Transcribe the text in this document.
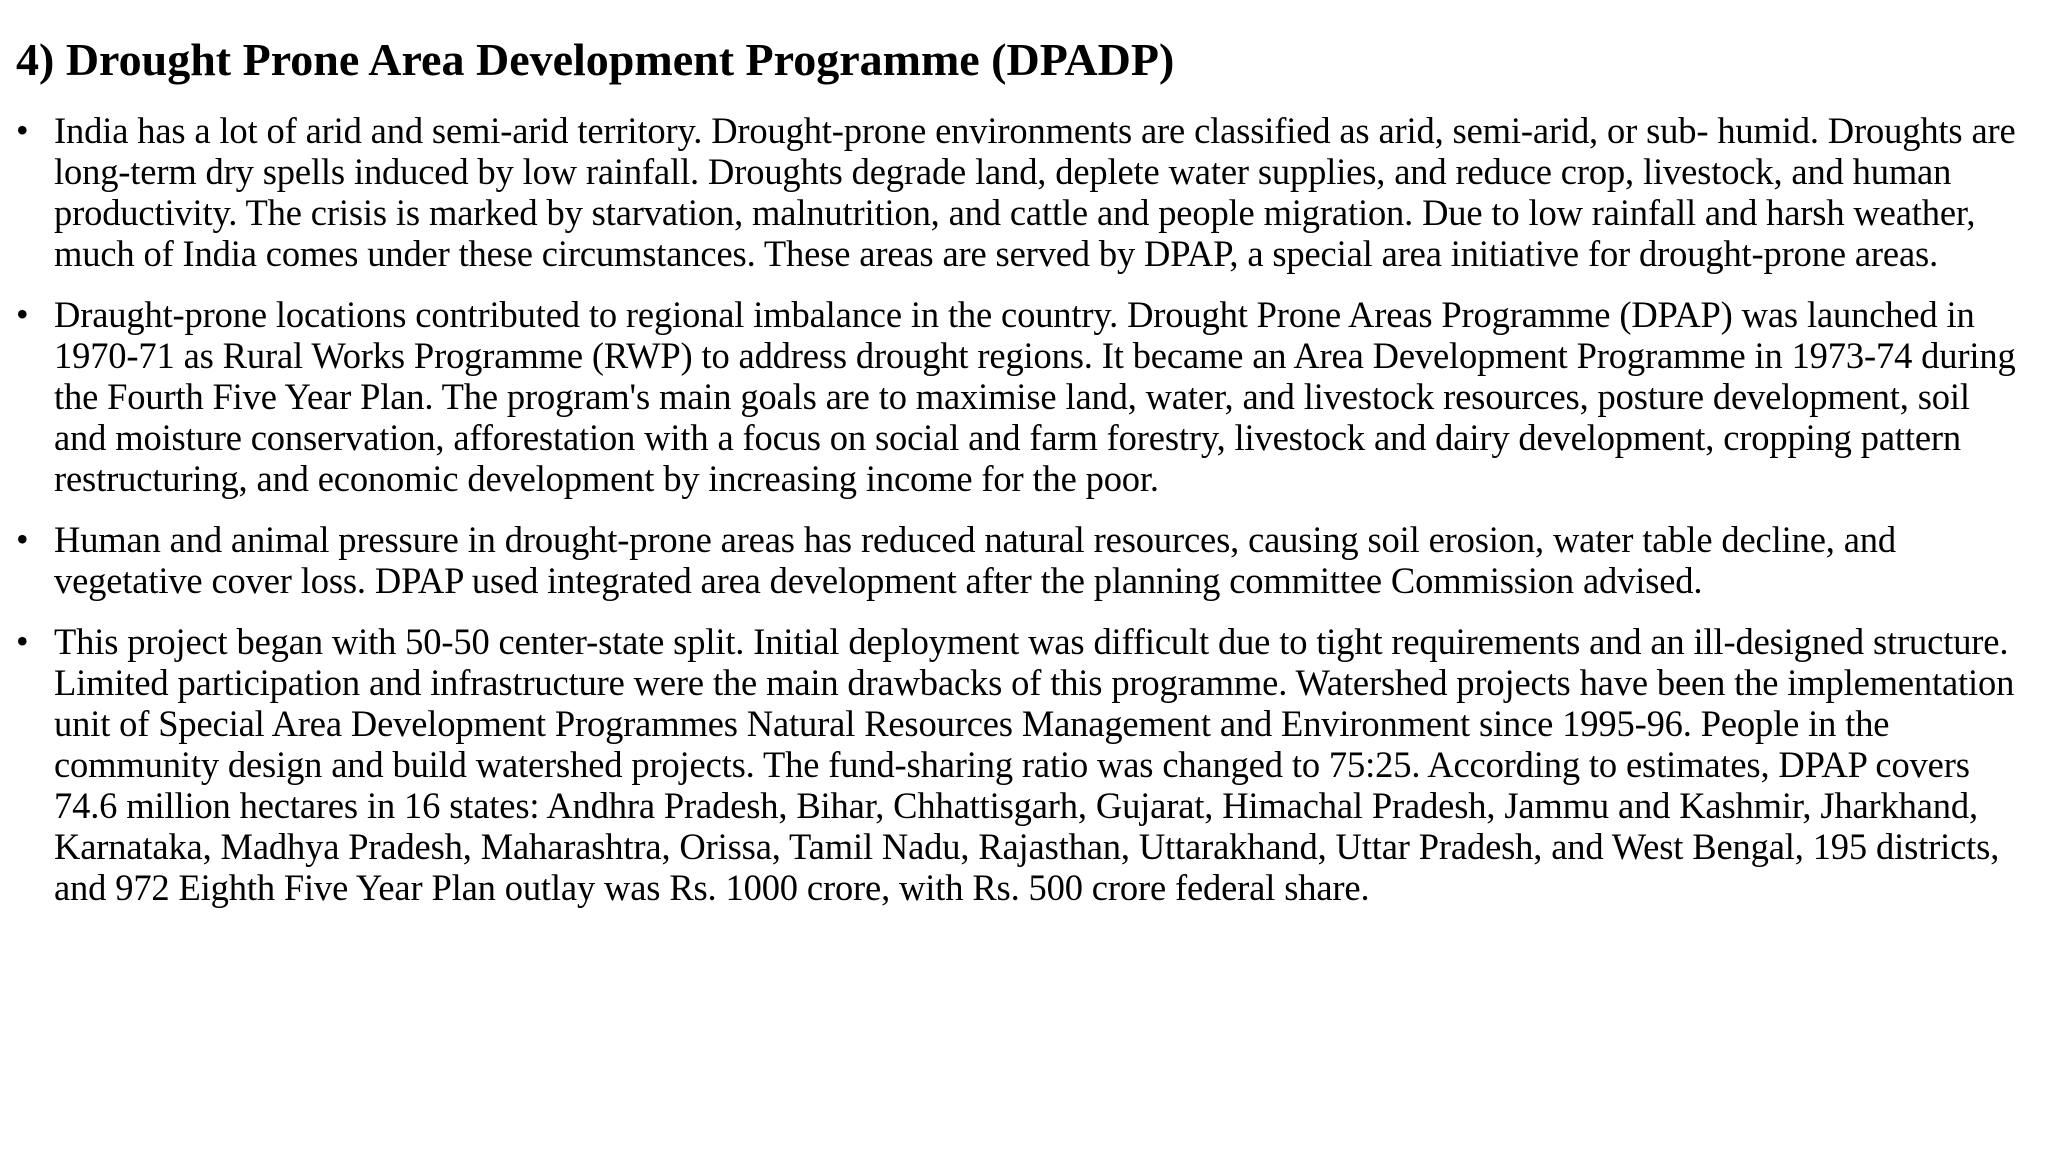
4) Drought Prone Area Development Programme (DPADP)
• India has a lot of arid and semi-arid territory. Drought-prone environments are classified as arid, semi-arid, or sub- humid. Droughts are long-term dry spells induced by low rainfall. Droughts degrade land, deplete water supplies, and reduce crop, livestock, and human productivity. The crisis is marked by starvation, malnutrition, and cattle and people migration. Due to low rainfall and harsh weather, much of India comes under these circumstances. These areas are served by DPAP, a special area initiative for drought-prone areas.
• Draught-prone locations contributed to regional imbalance in the country. Drought Prone Areas Programme (DPAP) was launched in 1970-71 as Rural Works Programme (RWP) to address drought regions. It became an Area Development Programme in 1973-74 during the Fourth Five Year Plan. The program's main goals are to maximise land, water, and livestock resources, posture development, soil and moisture conservation, afforestation with a focus on social and farm forestry, livestock and dairy development, cropping pattern restructuring, and economic development by increasing income for the poor.
• Human and animal pressure in drought-prone areas has reduced natural resources, causing soil erosion, water table decline, and vegetative cover loss. DPAP used integrated area development after the planning committee Commission advised.
• This project began with 50-50 center-state split. Initial deployment was difficult due to tight requirements and an ill-designed structure. Limited participation and infrastructure were the main drawbacks of this programme. Watershed projects have been the implementation unit of Special Area Development Programmes Natural Resources Management and Environment since 1995-96. People in the community design and build watershed projects. The fund-sharing ratio was changed to 75:25. According to estimates, DPAP covers 74.6 million hectares in 16 states: Andhra Pradesh, Bihar, Chhattisgarh, Gujarat, Himachal Pradesh, Jammu and Kashmir, Jharkhand, Karnataka, Madhya Pradesh, Maharashtra, Orissa, Tamil Nadu, Rajasthan, Uttarakhand, Uttar Pradesh, and West Bengal, 195 districts, and 972 Eighth Five Year Plan outlay was Rs. 1000 crore, with Rs. 500 crore federal share.
